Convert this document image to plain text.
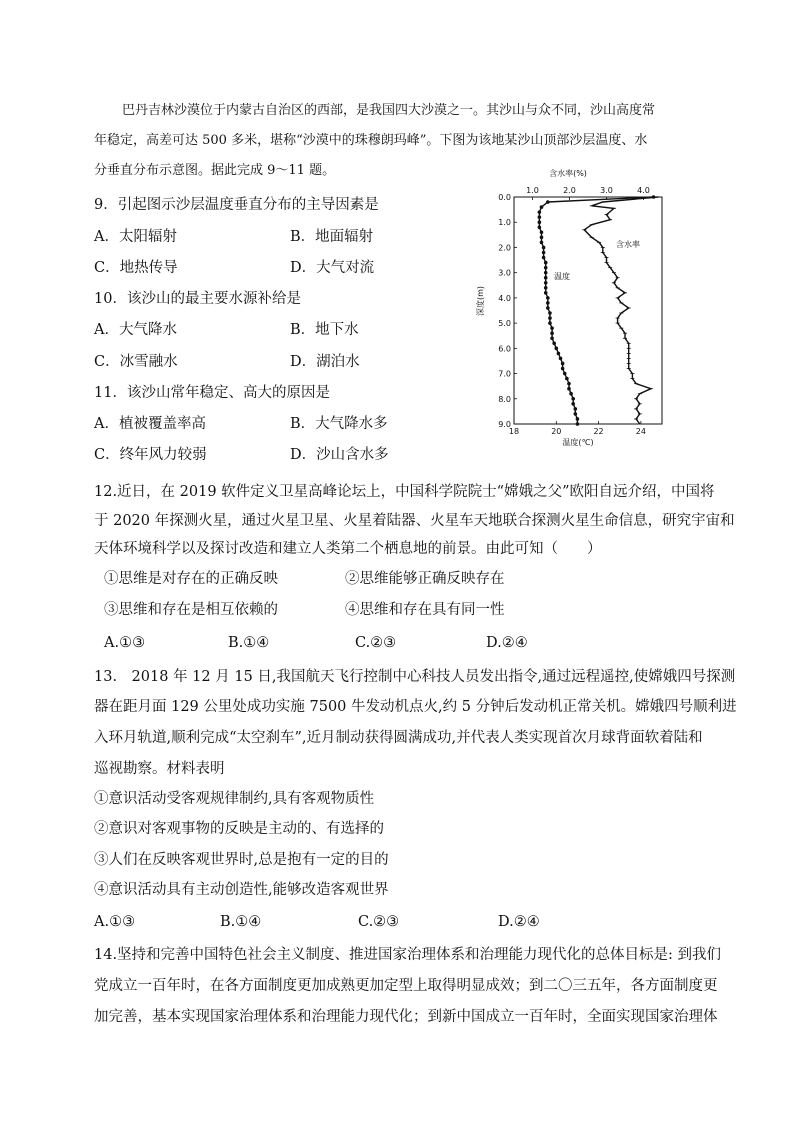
巴丹吉林沙漠位于内蒙古自治区的西部，是我国四大沙漠之一。其沙山与众不同，沙山高度常
年稳定，高差可达 500 多米，堪称“沙漠中的珠穆朗玛峰”。下图为该地某沙山顶部沙层温度、水
分垂直分布示意图。据此完成 9～11 题。
9．引起图示沙层温度垂直分布的主导因素是
A．太阳辐射	B．地面辐射
C．地热传导	D．大气对流
10．该沙山的最主要水源补给是
A．大气降水	B．地下水
C．冰雪融水	D．湖泊水
11．该沙山常年稳定、高大的原因是
A．植被覆盖率高	B．大气降水多
C．终年风力较弱	D．沙山含水多
含水率(%)
深度(m)
温度(℃)
0.0
1.0
2.0
3.0
4.0
5.0
6.0
7.0
8.0
9.0
18	20	22	24
1.0	2.0	3.0	4.0
温度
含水率
12.近日，在 2019 软件定义卫星高峰论坛上，中国科学院院士“嫦娥之父”欧阳自远介绍，中国将
于 2020 年探测火星，通过火星卫星、火星着陆器、火星车天地联合探测火星生命信息，研究宇宙和
天体环境科学以及探讨改造和建立人类第二个栖息地的前景。由此可知（　　）
①思维是对存在的正确反映	②思维能够正确反映存在
③思维和存在是相互依赖的	④思维和存在具有同一性
A.①③	B.①④	C.②③	D.②④
13.　2018 年 12 月 15 日,我国航天飞行控制中心科技人员发出指令,通过远程遥控,使嫦娥四号探测
器在距月面 129 公里处成功实施 7500 牛发动机点火,约 5 分钟后发动机正常关机。嫦娥四号顺利进
入环月轨道,顺利完成“太空刹车”,近月制动获得圆满成功,并代表人类实现首次月球背面软着陆和
巡视勘察。材料表明
①意识活动受客观规律制约,具有客观物质性
②意识对客观事物的反映是主动的、有选择的
③人们在反映客观世界时,总是抱有一定的目的
④意识活动具有主动创造性,能够改造客观世界
A.①③	B.①④	C.②③	D.②④
14.坚持和完善中国特色社会主义制度、推进国家治理体系和治理能力现代化的总体目标是: 到我们
党成立一百年时，在各方面制度更加成熟更加定型上取得明显成效；到二〇三五年，各方面制度更
加完善，基本实现国家治理体系和治理能力现代化；到新中国成立一百年时，全面实现国家治理体
